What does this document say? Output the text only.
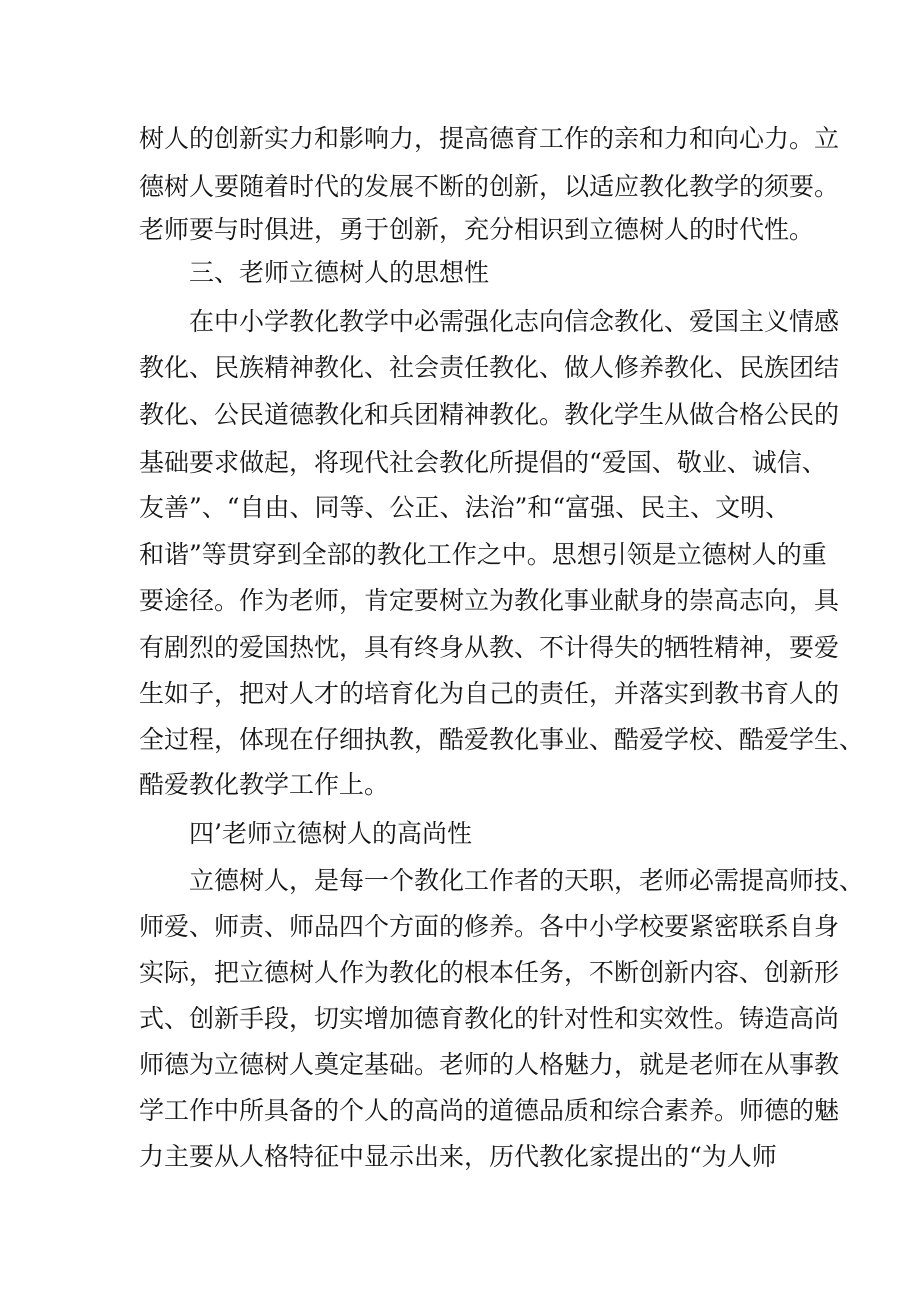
树人的创新实力和影响力，提高德育工作的亲和力和向心力。立
德树人要随着时代的发展不断的创新，以适应教化教学的须要。
老师要与时俱进，勇于创新，充分相识到立德树人的时代性。
三、老师立德树人的思想性
在中小学教化教学中必需强化志向信念教化、爱国主义情感
教化、民族精神教化、社会责任教化、做人修养教化、民族团结
教化、公民道德教化和兵团精神教化。教化学生从做合格公民的
基础要求做起，将现代社会教化所提倡的“爱国、敬业、诚信、
友善”、“自由、同等、公正、法治”和“富强、民主、文明、
和谐”等贯穿到全部的教化工作之中。思想引领是立德树人的重
要途径。作为老师，肯定要树立为教化事业献身的崇高志向，具
有剧烈的爱国热忱，具有终身从教、不计得失的牺牲精神，要爱
生如子，把对人才的培育化为自己的责任，并落实到教书育人的
全过程，体现在仔细执教，酷爱教化事业、酷爱学校、酷爱学生、
酷爱教化教学工作上。
四’老师立德树人的高尚性
立德树人，是每一个教化工作者的天职，老师必需提高师技、
师爱、师责、师品四个方面的修养。各中小学校要紧密联系自身
实际，把立德树人作为教化的根本任务，不断创新内容、创新形
式、创新手段，切实增加德育教化的针对性和实效性。铸造高尚
师德为立德树人奠定基础。老师的人格魅力，就是老师在从事教
学工作中所具备的个人的高尚的道德品质和综合素养。师德的魅
力主要从人格特征中显示出来，历代教化家提出的“为人师
